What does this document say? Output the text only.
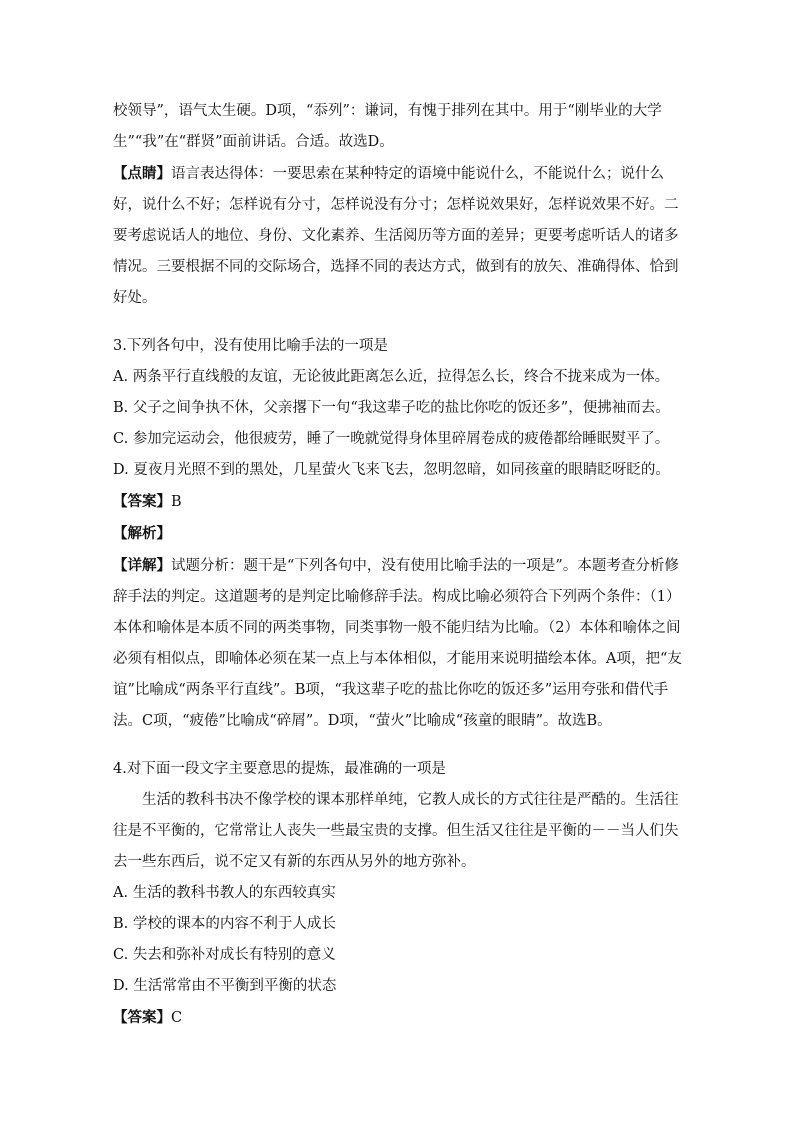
校领导”，语气太生硬。D项，“忝列”：谦词，有愧于排列在其中。用于“刚毕业的大学生”“我”在“群贤”面前讲话。合适。故选D。

【点睛】语言表达得体：一要思索在某种特定的语境中能说什么，不能说什么；说什么好，说什么不好；怎样说有分寸，怎样说没有分寸；怎样说效果好，怎样说效果不好。二要考虑说话人的地位、身份、文化素养、生活阅历等方面的差异；更要考虑听话人的诸多情况。三要根据不同的交际场合，选择不同的表达方式，做到有的放矢、准确得体、恰到好处。

3.下列各句中，没有使用比喻手法的一项是

A. 两条平行直线般的友谊，无论彼此距离怎么近，拉得怎么长，终合不拢来成为一体。

B. 父子之间争执不休，父亲撂下一句“我这辈子吃的盐比你吃的饭还多”，便拂袖而去。

C. 参加完运动会，他很疲劳，睡了一晚就觉得身体里碎屑卷成的疲倦都给睡眠熨平了。

D. 夏夜月光照不到的黑处，几星萤火飞来飞去，忽明忽暗，如同孩童的眼睛眨呀眨的。

【答案】B

【解析】

【详解】试题分析：题干是“下列各句中，没有使用比喻手法的一项是”。本题考查分析修辞手法的判定。这道题考的是判定比喻修辞手法。构成比喻必须符合下列两个条件：（1）本体和喻体是本质不同的两类事物，同类事物一般不能归结为比喻。（2）本体和喻体之间必须有相似点，即喻体必须在某一点上与本体相似，才能用来说明描绘本体。A项，把“友谊”比喻成“两条平行直线”。B项，“我这辈子吃的盐比你吃的饭还多”运用夸张和借代手法。C项，“疲倦”比喻成“碎屑”。D项，“萤火”比喻成“孩童的眼睛”。故选B。

4.对下面一段文字主要意思的提炼，最准确的一项是

生活的教科书决不像学校的课本那样单纯，它教人成长的方式往往是严酷的。生活往往是不平衡的，它常常让人丧失一些最宝贵的支撑。但生活又往往是平衡的－－当人们失去一些东西后，说不定又有新的东西从另外的地方弥补。

A. 生活的教科书教人的东西较真实

B. 学校的课本的内容不利于人成长

C. 失去和弥补对成长有特别的意义

D. 生活常常由不平衡到平衡的状态

【答案】C
